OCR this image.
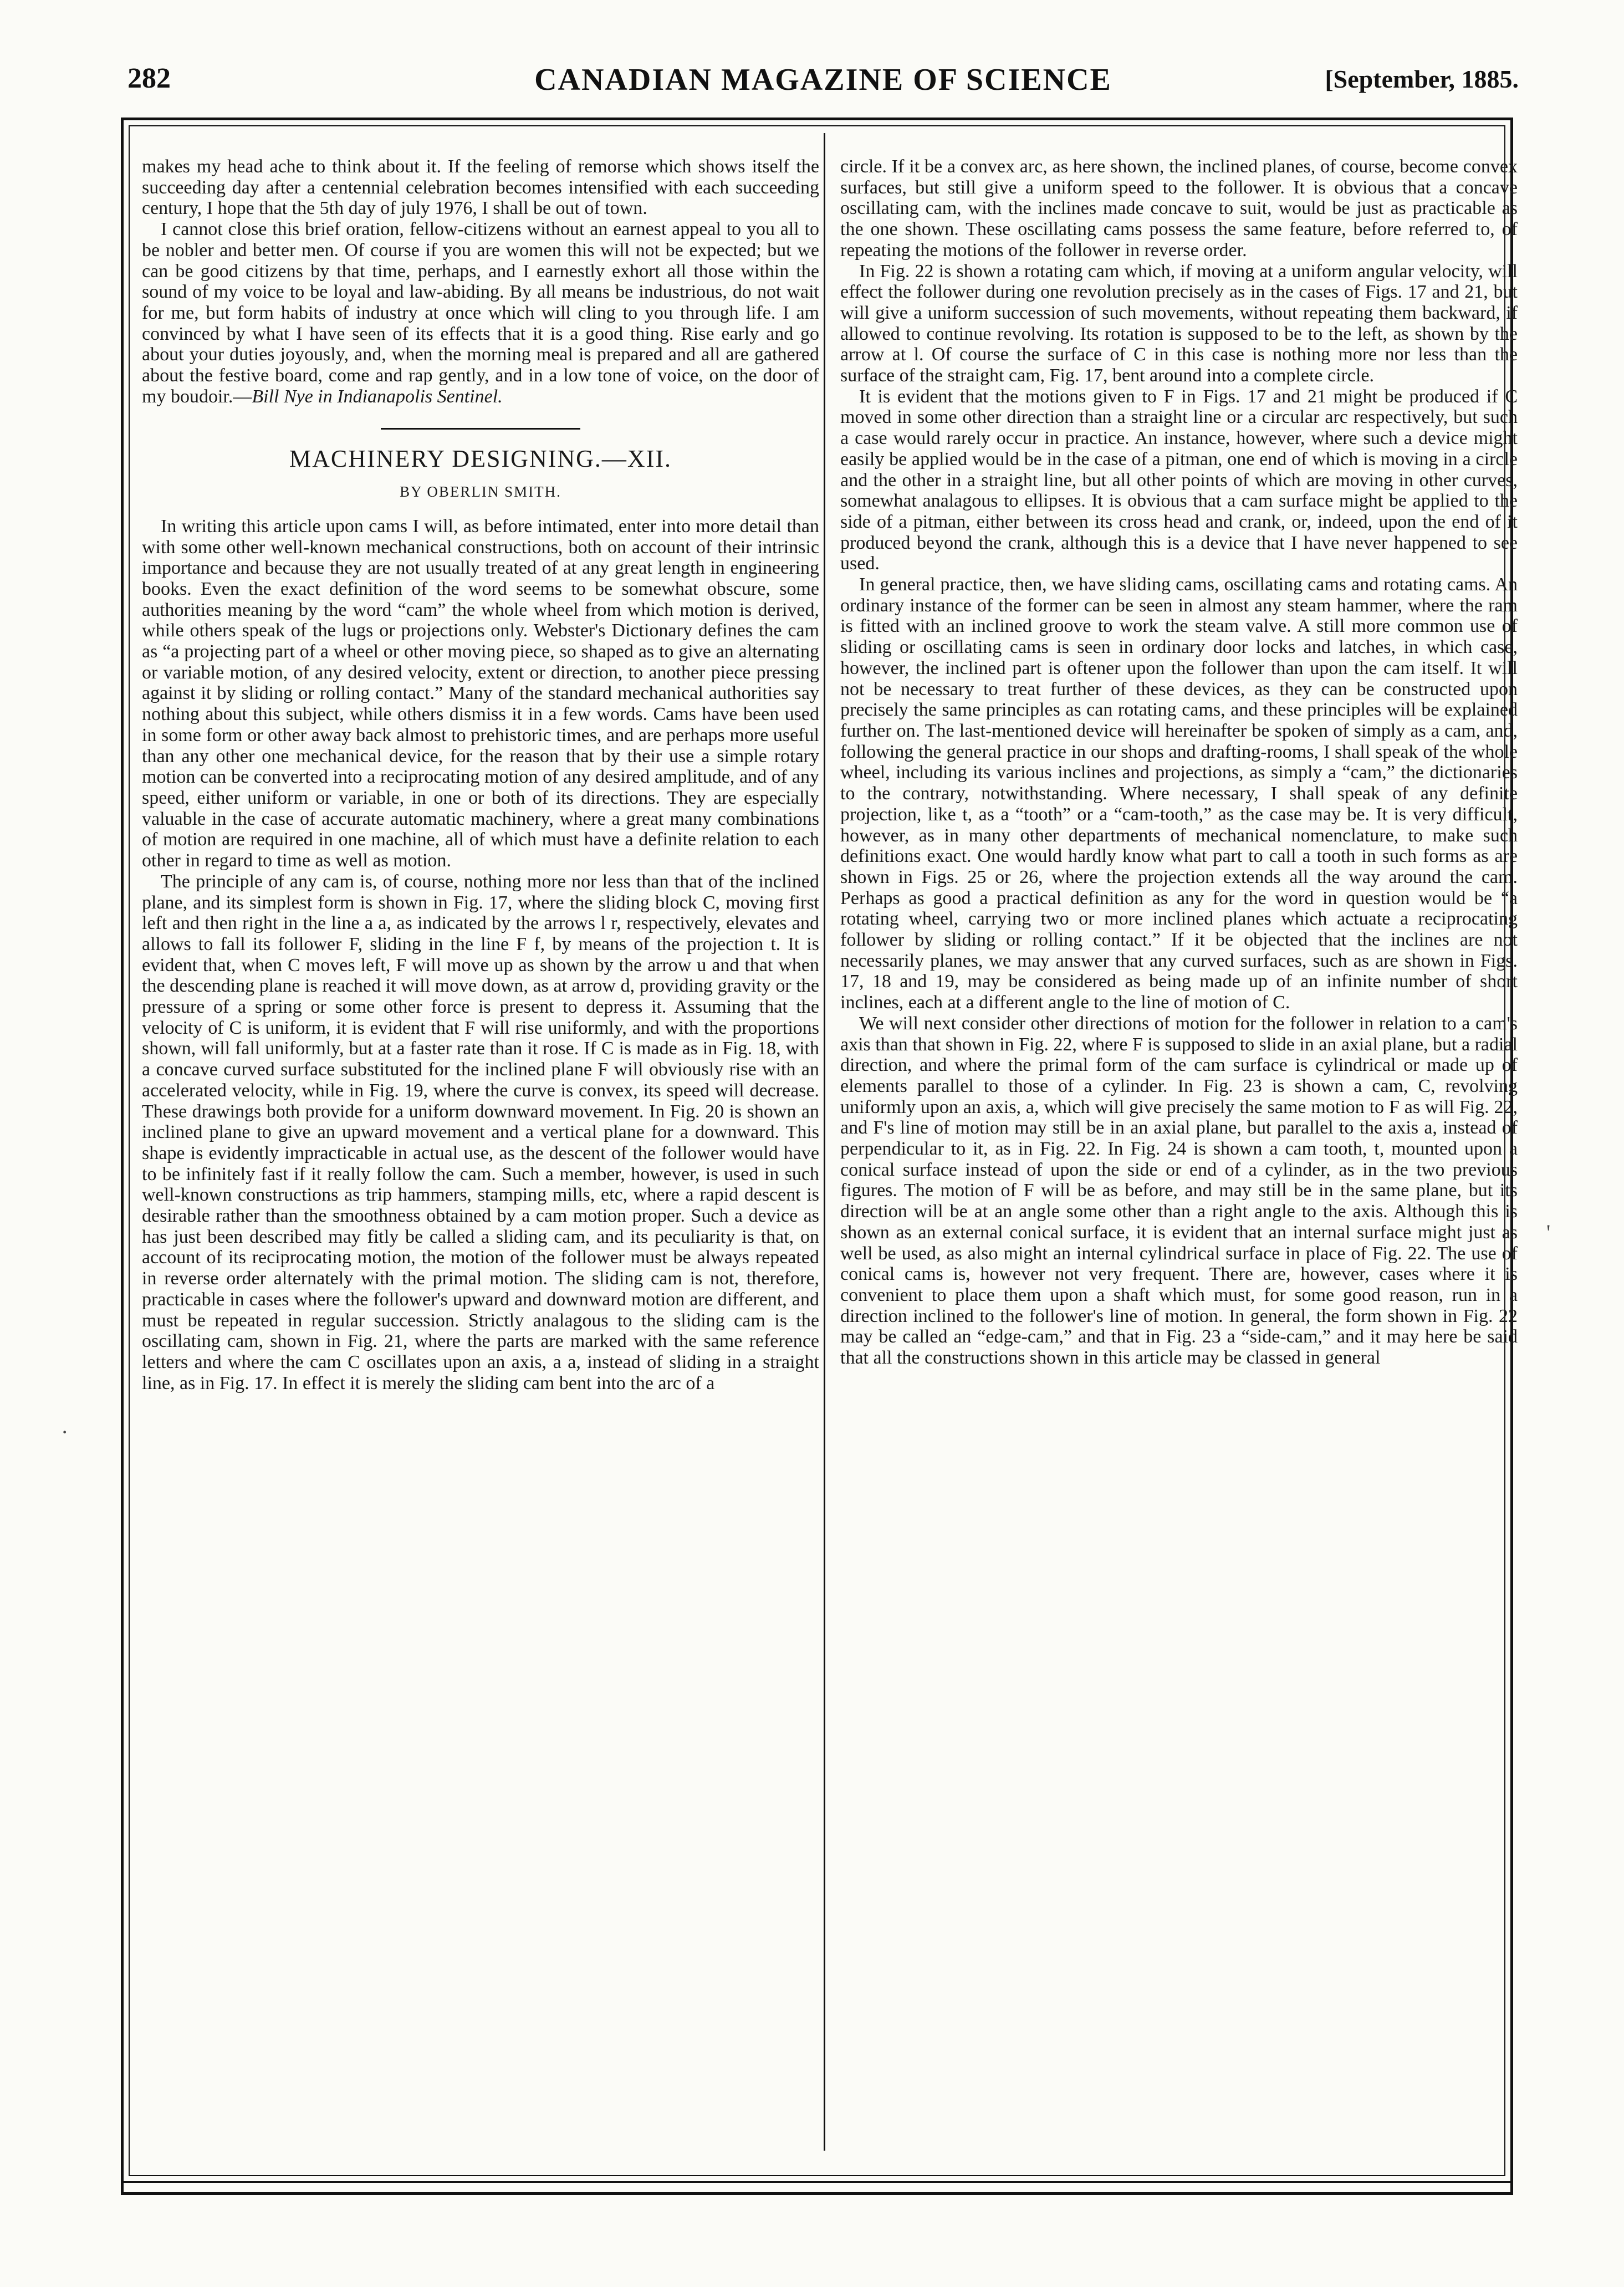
282	CANADIAN MAGAZINE OF SCIENCE	[September, 1885.

makes my head ache to think about it. If the feeling of remorse which shows itself the succeeding day after a centennial celebration becomes intensified with each succeeding century, I hope that the 5th day of july 1976, I shall be out of town.

I cannot close this brief oration, fellow-citizens without an earnest appeal to you all to be nobler and better men. Of course if you are women this will not be expected; but we can be good citizens by that time, perhaps, and I earnestly exhort all those within the sound of my voice to be loyal and law-abiding. By all means be industrious, do not wait for me, but form habits of industry at once which will cling to you through life. I am convinced by what I have seen of its effects that it is a good thing. Rise early and go about your duties joyously, and, when the morning meal is prepared and all are gathered about the festive board, come and rap gently, and in a low tone of voice, on the door of my boudoir.—Bill Nye in Indianapolis Sentinel.

MACHINERY DESIGNING.—XII.
BY OBERLIN SMITH.

In writing this article upon cams I will, as before intimated, enter into more detail than with some other well-known mechanical constructions, both on account of their intrinsic importance and because they are not usually treated of at any great length in engineering books. Even the exact definition of the word seems to be somewhat obscure, some authorities meaning by the word “cam” the whole wheel from which motion is derived, while others speak of the lugs or projections only. Webster's Dictionary defines the cam as “a projecting part of a wheel or other moving piece, so shaped as to give an alternating or variable motion, of any desired velocity, extent or direction, to another piece pressing against it by sliding or rolling contact.” Many of the standard mechanical authorities say nothing about this subject, while others dismiss it in a few words. Cams have been used in some form or other away back almost to prehistoric times, and are perhaps more useful than any other one mechanical device, for the reason that by their use a simple rotary motion can be converted into a reciprocating motion of any desired amplitude, and of any speed, either uniform or variable, in one or both of its directions. They are especially valuable in the case of accurate automatic machinery, where a great many combinations of motion are required in one machine, all of which must have a definite relation to each other in regard to time as well as motion.

The principle of any cam is, of course, nothing more nor less than that of the inclined plane, and its simplest form is shown in Fig. 17, where the sliding block C, moving first left and then right in the line a a, as indicated by the arrows l r, respectively, elevates and allows to fall its follower F, sliding in the line F f, by means of the projection t. It is evident that, when C moves left, F will move up as shown by the arrow u and that when the descending plane is reached it will move down, as at arrow d, providing gravity or the pressure of a spring or some other force is present to depress it. Assuming that the velocity of C is uniform, it is evident that F will rise uniformly, and with the proportions shown, will fall uniformly, but at a faster rate than it rose. If C is made as in Fig. 18, with a concave curved surface substituted for the inclined plane F will obviously rise with an accelerated velocity, while in Fig. 19, where the curve is convex, its speed will decrease. These drawings both provide for a uniform downward movement. In Fig. 20 is shown an inclined plane to give an upward movement and a vertical plane for a downward. This shape is evidently impracticable in actual use, as the descent of the follower would have to be infinitely fast if it really follow the cam. Such a member, however, is used in such well-known constructions as trip hammers, stamping mills, etc, where a rapid descent is desirable rather than the smoothness obtained by a cam motion proper. Such a device as has just been described may fitly be called a sliding cam, and its peculiarity is that, on account of its reciprocating motion, the motion of the follower must be always repeated in reverse order alternately with the primal motion. The sliding cam is not, therefore, practicable in cases where the follower's upward and downward motion are different, and must be repeated in regular succession. Strictly analagous to the sliding cam is the oscillating cam, shown in Fig. 21, where the parts are marked with the same reference letters and where the cam C oscillates upon an axis, a a, instead of sliding in a straight line, as in Fig. 17. In effect it is merely the sliding cam bent into the arc of a

circle. If it be a convex arc, as here shown, the inclined planes, of course, become convex surfaces, but still give a uniform speed to the follower. It is obvious that a concave oscillating cam, with the inclines made concave to suit, would be just as practicable as the one shown. These oscillating cams possess the same feature, before referred to, of repeating the motions of the follower in reverse order.

In Fig. 22 is shown a rotating cam which, if moving at a uniform angular velocity, will effect the follower during one revolution precisely as in the cases of Figs. 17 and 21, but will give a uniform succession of such movements, without repeating them backward, if allowed to continue revolving. Its rotation is supposed to be to the left, as shown by the arrow at l. Of course the surface of C in this case is nothing more nor less than the surface of the straight cam, Fig. 17, bent around into a complete circle.

It is evident that the motions given to F in Figs. 17 and 21 might be produced if C moved in some other direction than a straight line or a circular arc respectively, but such a case would rarely occur in practice. An instance, however, where such a device might easily be applied would be in the case of a pitman, one end of which is moving in a circle and the other in a straight line, but all other points of which are moving in other curves, somewhat analagous to ellipses. It is obvious that a cam surface might be applied to the side of a pitman, either between its cross head and crank, or, indeed, upon the end of it produced beyond the crank, although this is a device that I have never happened to see used.

In general practice, then, we have sliding cams, oscillating cams and rotating cams. An ordinary instance of the former can be seen in almost any steam hammer, where the ram is fitted with an inclined groove to work the steam valve. A still more common use of sliding or oscillating cams is seen in ordinary door locks and latches, in which case, however, the inclined part is oftener upon the follower than upon the cam itself. It will not be necessary to treat further of these devices, as they can be constructed upon precisely the same principles as can rotating cams, and these principles will be explained further on. The last-mentioned device will hereinafter be spoken of simply as a cam, and, following the general practice in our shops and drafting-rooms, I shall speak of the whole wheel, including its various inclines and projections, as simply a “cam,” the dictionaries to the contrary, notwithstanding. Where necessary, I shall speak of any definite projection, like t, as a “tooth” or a “cam-tooth,” as the case may be. It is very difficult, however, as in many other departments of mechanical nomenclature, to make such definitions exact. One would hardly know what part to call a tooth in such forms as are shown in Figs. 25 or 26, where the projection extends all the way around the cam. Perhaps as good a practical definition as any for the word in question would be “a rotating wheel, carrying two or more inclined planes which actuate a reciprocating follower by sliding or rolling contact.” If it be objected that the inclines are not necessarily planes, we may answer that any curved surfaces, such as are shown in Figs. 17, 18 and 19, may be considered as being made up of an infinite number of short inclines, each at a different angle to the line of motion of C.

We will next consider other directions of motion for the follower in relation to a cam's axis than that shown in Fig. 22, where F is supposed to slide in an axial plane, but a radial direction, and where the primal form of the cam surface is cylindrical or made up of elements parallel to those of a cylinder. In Fig. 23 is shown a cam, C, revolving uniformly upon an axis, a, which will give precisely the same motion to F as will Fig. 22, and F's line of motion may still be in an axial plane, but parallel to the axis a, instead of perpendicular to it, as in Fig. 22. In Fig. 24 is shown a cam tooth, t, mounted upon a conical surface instead of upon the side or end of a cylinder, as in the two previous figures. The motion of F will be as before, and may still be in the same plane, but its direction will be at an angle some other than a right angle to the axis. Although this is shown as an external conical surface, it is evident that an internal surface might just as well be used, as also might an internal cylindrical surface in place of Fig. 22. The use of conical cams is, however not very frequent. There are, however, cases where it is convenient to place them upon a shaft which must, for some good reason, run in a direction inclined to the follower's line of motion. In general, the form shown in Fig. 22 may be called an “edge-cam,” and that in Fig. 23 a “side-cam,” and it may here be said that all the constructions shown in this article may be classed in general

'
·
